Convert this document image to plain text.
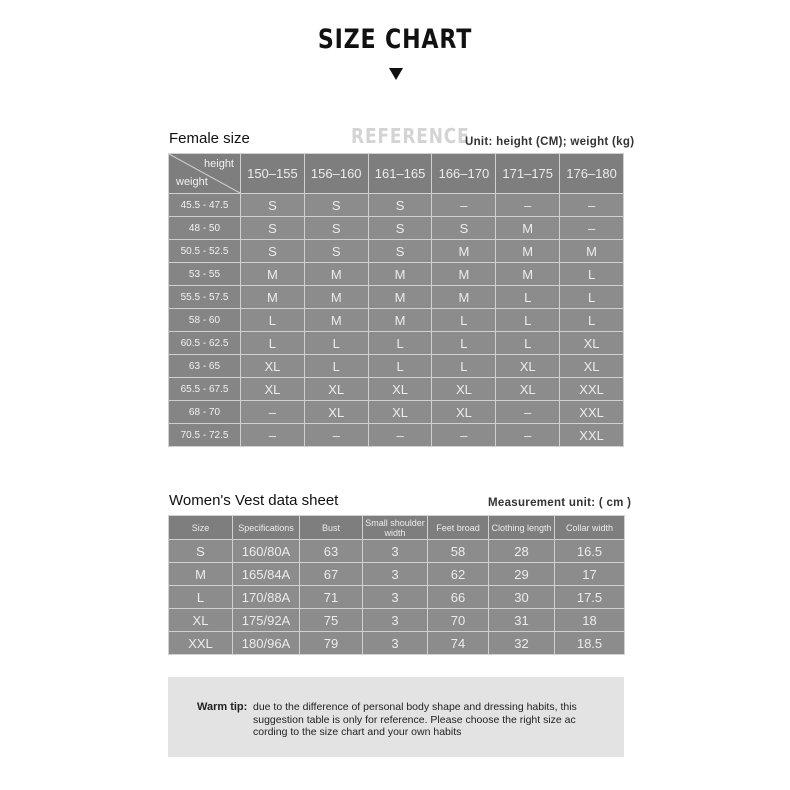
SIZE CHART
Female size	REFERENCE
Unit: height (CM); weight (kg)
height
weight	150–155	156–160	161–165	166–170	171–175	176–180
45.5 - 47.5	S	S	S	–	–	–
48 - 50	S	S	S	S	M	–
50.5 - 52.5	S	S	S	M	M	M
53 - 55	M	M	M	M	M	L
55.5 - 57.5	M	M	M	M	L	L
58 - 60	L	M	M	L	L	L
60.5 - 62.5	L	L	L	L	L	XL
63 - 65	XL	L	L	L	XL	XL
65.5 - 67.5	XL	XL	XL	XL	XL	XXL
68 - 70	–	XL	XL	XL	–	XXL
70.5 - 72.5	–	–	–	–	–	XXL
Women's Vest data sheet	Measurement unit: ( cm )
Size	Specifications	Bust	Small shoulder width	Feet broad	Clothing length	Collar width
S	160/80A	63	3	58	28	16.5
M	165/84A	67	3	62	29	17
L	170/88A	71	3	66	30	17.5
XL	175/92A	75	3	70	31	18
XXL	180/96A	79	3	74	32	18.5
Warm tip: due to the difference of personal body shape and dressing habits, this suggestion table is only for reference. Please choose the right size ac cording to the size chart and your own habits
